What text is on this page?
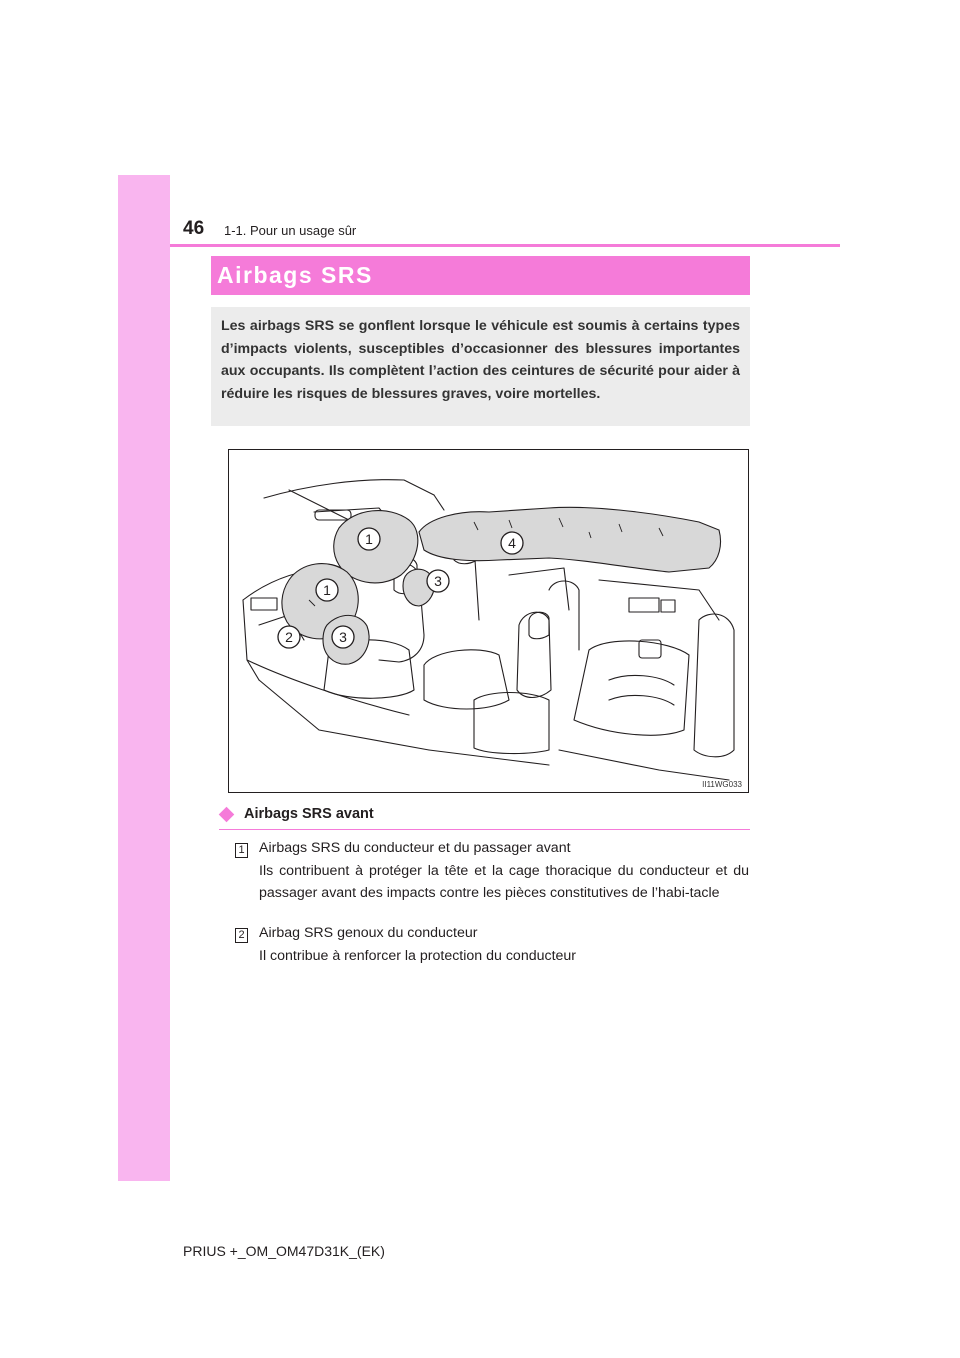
46 1-1. Pour un usage sûr
Airbags SRS

Les airbags SRS se gonflent lorsque le véhicule est soumis à certains types d’impacts violents, susceptibles d’occasionner des blessures importantes aux occupants. Ils complètent l’action des ceintures de sécurité pour aider à réduire les risques de blessures graves, voire mortelles.

1
1
2	3
3
4
II11WG033
Airbags SRS avant
1 Airbags SRS du conducteur et du passager avant

Ils contribuent à protéger la tête et la cage thoracique du conducteur et du passager avant des impacts contre les pièces constitutives de l’habi-tacle

2 Airbag SRS genoux du conducteur

Il contribue à renforcer la protection du conducteur

PRIUS +_OM_OM47D31K_(EK)
